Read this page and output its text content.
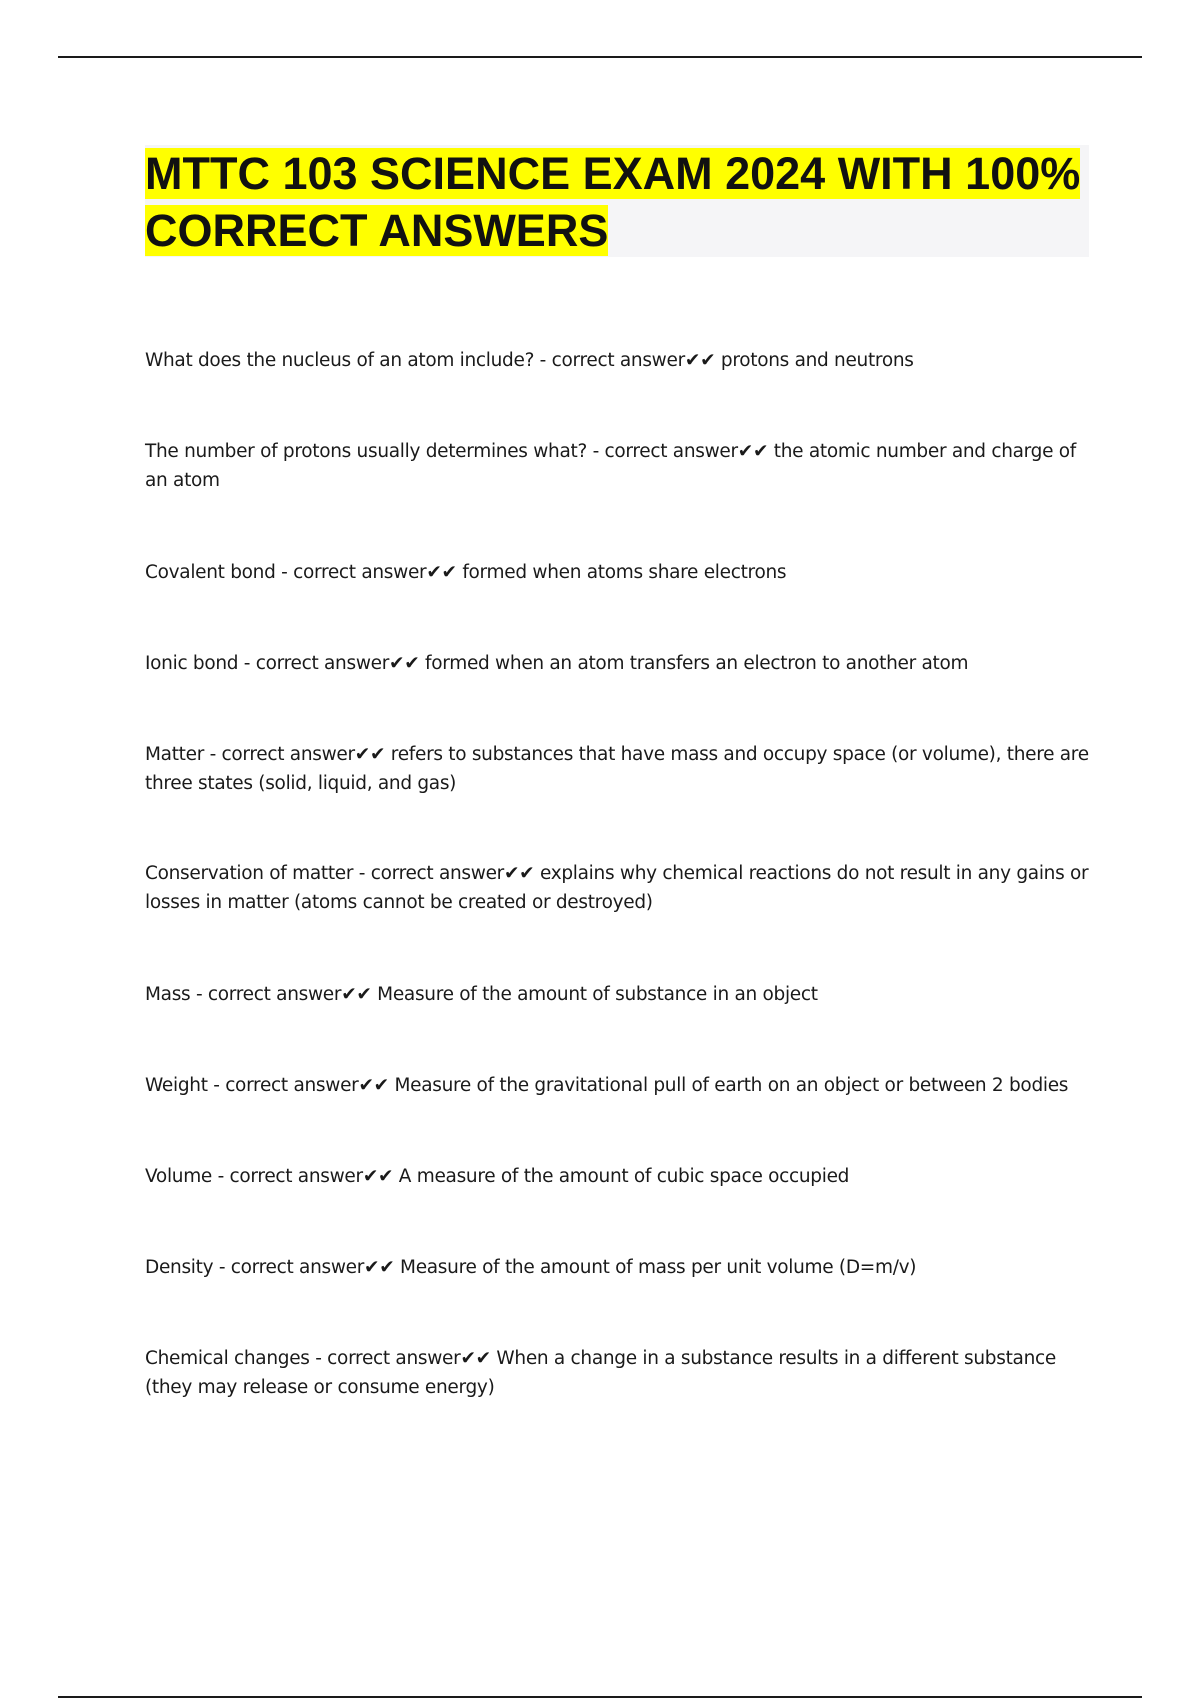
MTTC 103 SCIENCE EXAM 2024 WITH 100% CORRECT ANSWERS

What does the nucleus of an atom include? - correct answer✔✔ protons and neutrons

The number of protons usually determines what? - correct answer✔✔ the atomic number and charge of an atom

Covalent bond - correct answer✔✔ formed when atoms share electrons

Ionic bond - correct answer✔✔ formed when an atom transfers an electron to another atom

Matter - correct answer✔✔ refers to substances that have mass and occupy space (or volume), there are three states (solid, liquid, and gas)

Conservation of matter - correct answer✔✔ explains why chemical reactions do not result in any gains or losses in matter (atoms cannot be created or destroyed)

Mass - correct answer✔✔ Measure of the amount of substance in an object

Weight - correct answer✔✔ Measure of the gravitational pull of earth on an object or between 2 bodies

Volume - correct answer✔✔ A measure of the amount of cubic space occupied

Density - correct answer✔✔ Measure of the amount of mass per unit volume (D=m/v)

Chemical changes - correct answer✔✔ When a change in a substance results in a different substance (they may release or consume energy)
